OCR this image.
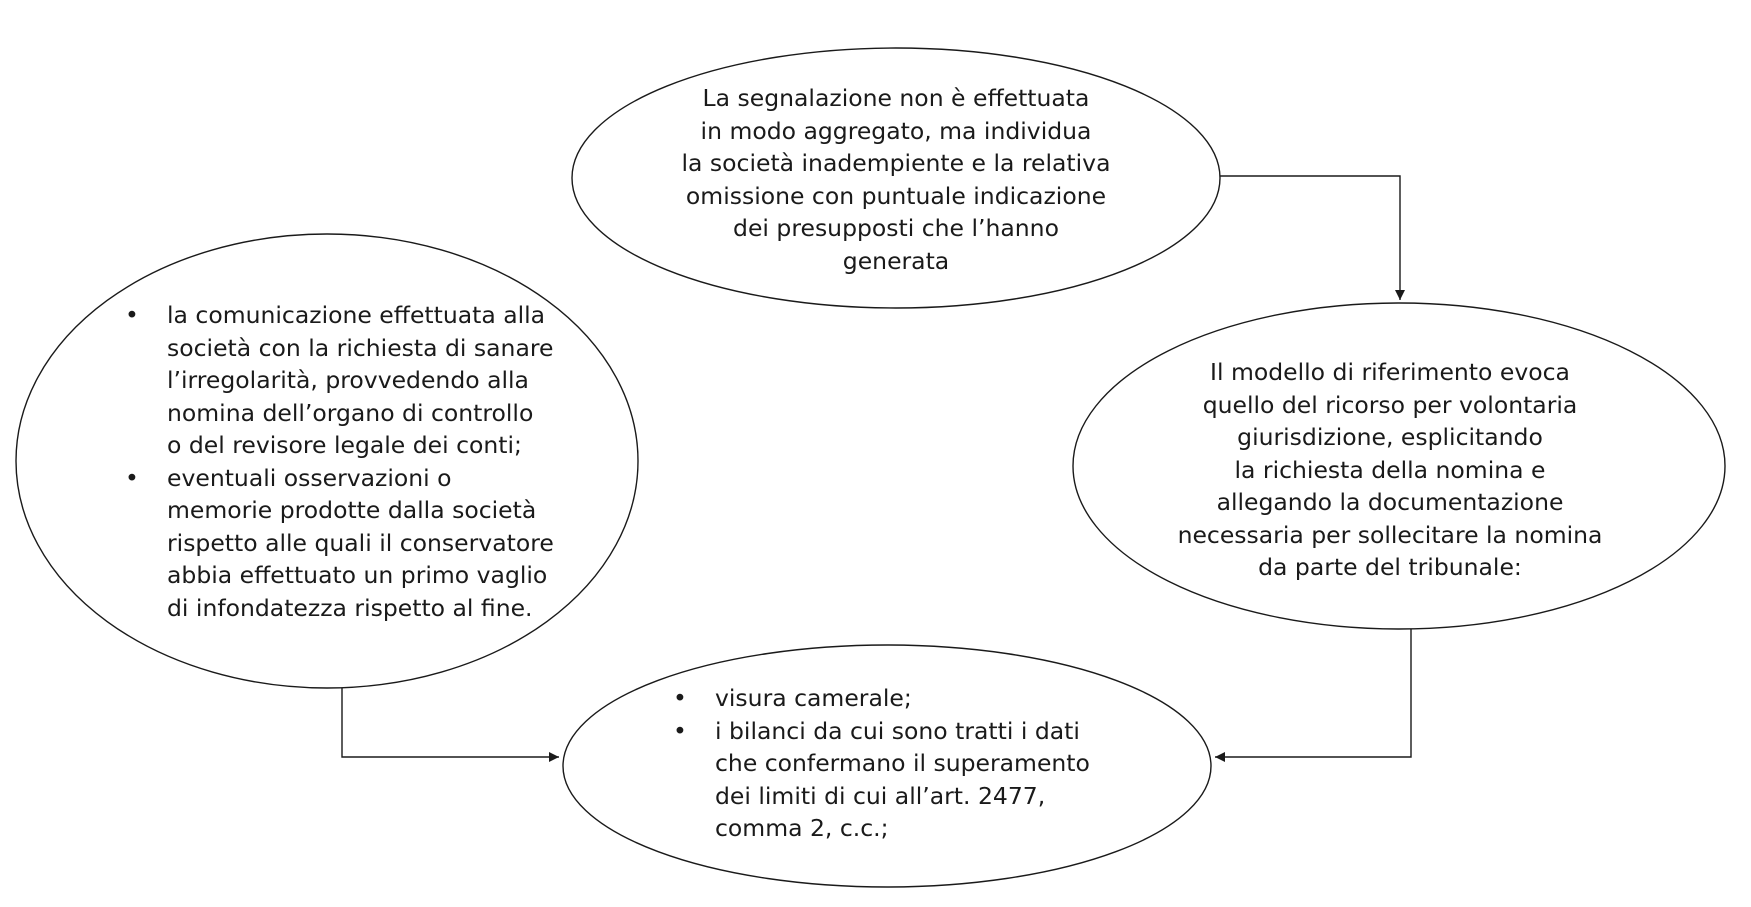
La segnalazione non è effettuata
in modo aggregato, ma individua
la società inadempiente e la relativa
omissione con puntuale indicazione
dei presupposti che l’hanno
generata
Il modello di riferimento evoca
quello del ricorso per volontaria
giurisdizione, esplicitando
la richiesta della nomina e
allegando la documentazione
necessaria per sollecitare la nomina
da parte del tribunale:
• la comunicazione effettuata alla
società con la richiesta di sanare
l’irregolarità, provvedendo alla
nomina dell’organo di controllo
o del revisore legale dei conti;
• eventuali osservazioni o
memorie prodotte dalla società
rispetto alle quali il conservatore
abbia effettuato un primo vaglio
di infondatezza rispetto al fine.
• visura camerale;
• i bilanci da cui sono tratti i dati
che confermano il superamento
dei limiti di cui all’art. 2477,
comma 2, c.c.;
